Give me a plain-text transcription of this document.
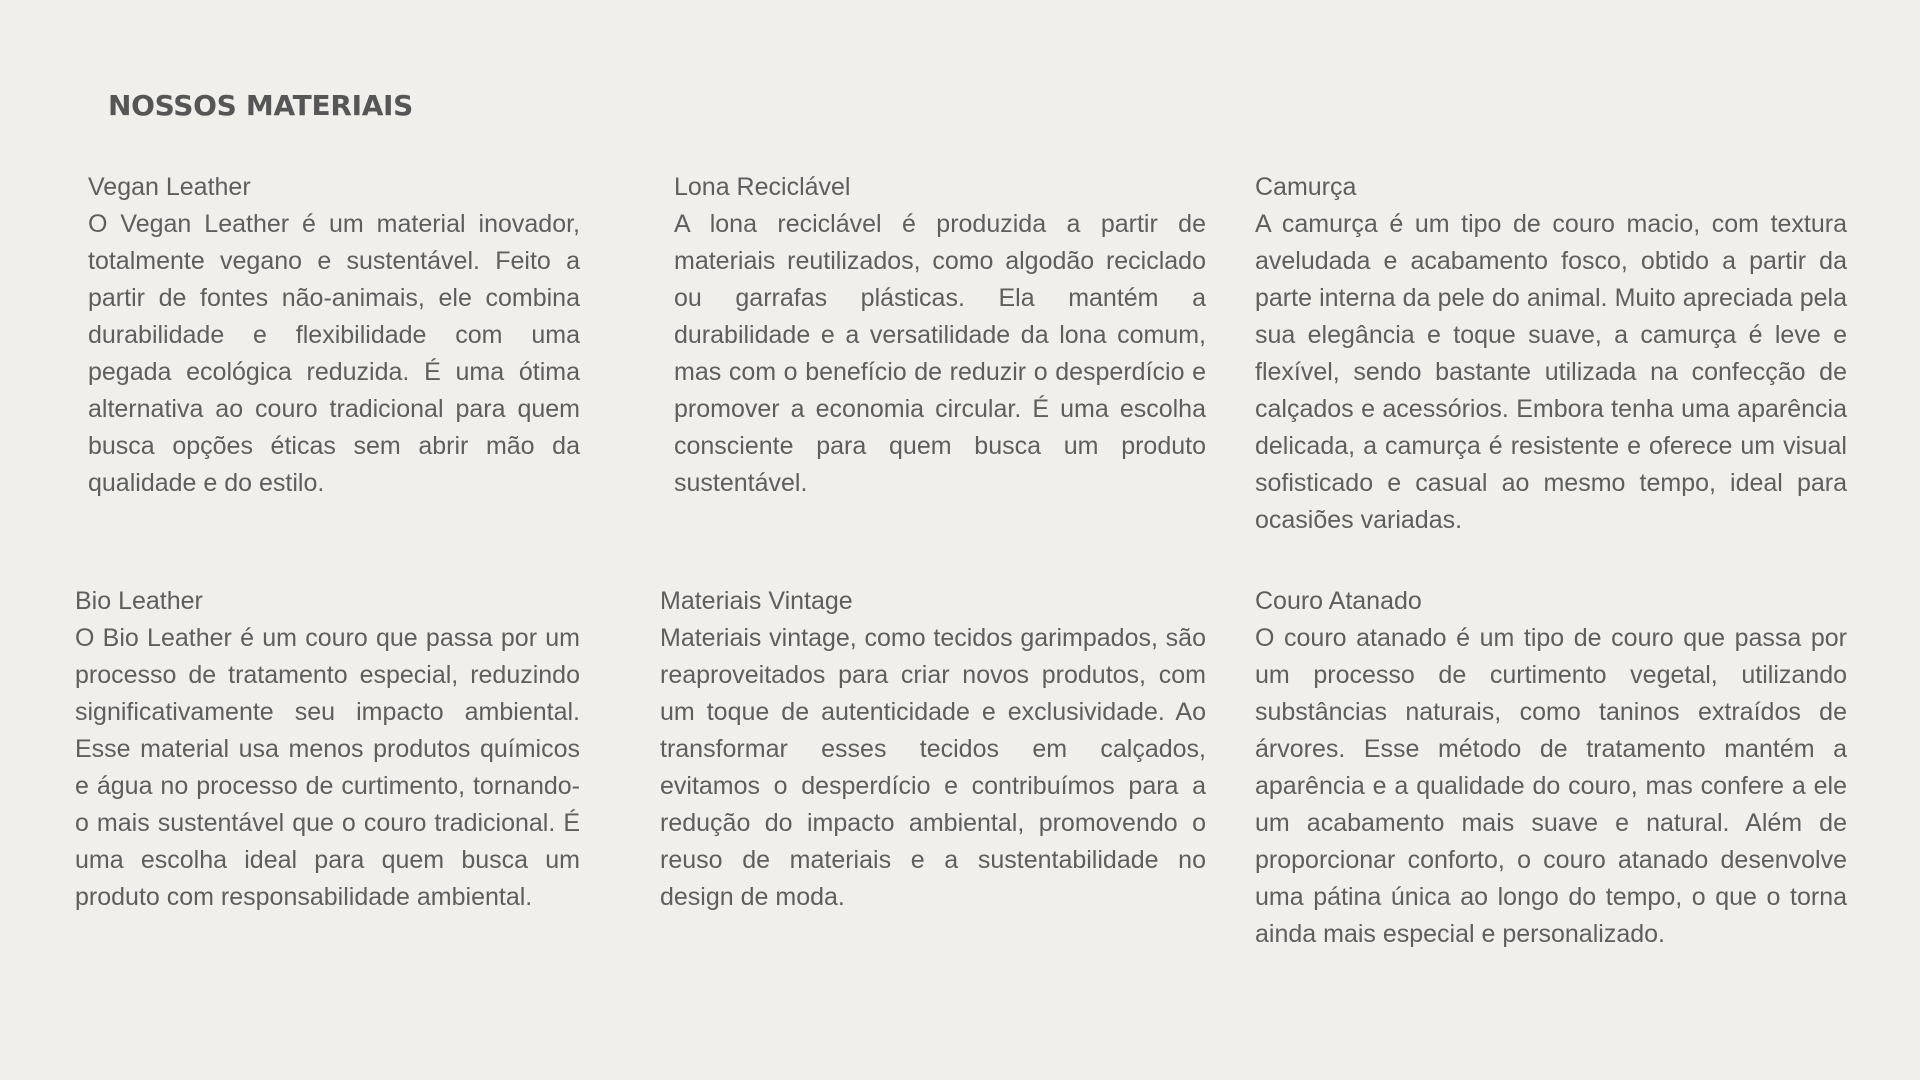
NOSSOS MATERIAIS
Vegan Leather

O Vegan Leather é um material inovador, totalmente vegano e sustentável. Feito a partir de fontes não-animais, ele combina durabilidade e flexibilidade com uma pegada ecológica reduzida. É uma ótima alternativa ao couro tradicional para quem busca opções éticas sem abrir mão da qualidade e do estilo.

Lona Reciclável

A lona reciclável é produzida a partir de materiais reutilizados, como algodão reciclado ou garrafas plásticas. Ela mantém a durabilidade e a versatilidade da lona comum, mas com o benefício de reduzir o desperdício e promover a economia circular. É uma escolha consciente para quem busca um produto sustentável.

Camurça

A camurça é um tipo de couro macio, com textura aveludada e acabamento fosco, obtido a partir da parte interna da pele do animal. Muito apreciada pela sua elegância e toque suave, a camurça é leve e flexível, sendo bastante utilizada na confecção de calçados e acessórios. Embora tenha uma aparência delicada, a camurça é resistente e oferece um visual sofisticado e casual ao mesmo tempo, ideal para ocasiões variadas.

Bio Leather

O Bio Leather é um couro que passa por um processo de tratamento especial, reduzindo significativamente seu impacto ambiental. Esse material usa menos produtos químicos e água no processo de curtimento, tornando-o mais sustentável que o couro tradicional. É uma escolha ideal para quem busca um produto com responsabilidade ambiental.

Materiais Vintage

Materiais vintage, como tecidos garimpados, são reaproveitados para criar novos produtos, com um toque de autenticidade e exclusividade. Ao transformar esses tecidos em calçados, evitamos o desperdício e contribuímos para a redução do impacto ambiental, promovendo o reuso de materiais e a sustentabilidade no design de moda.

Couro Atanado

O couro atanado é um tipo de couro que passa por um processo de curtimento vegetal, utilizando substâncias naturais, como taninos extraídos de árvores. Esse método de tratamento mantém a aparência e a qualidade do couro, mas confere a ele um acabamento mais suave e natural. Além de proporcionar conforto, o couro atanado desenvolve uma pátina única ao longo do tempo, o que o torna ainda mais especial e personalizado.
